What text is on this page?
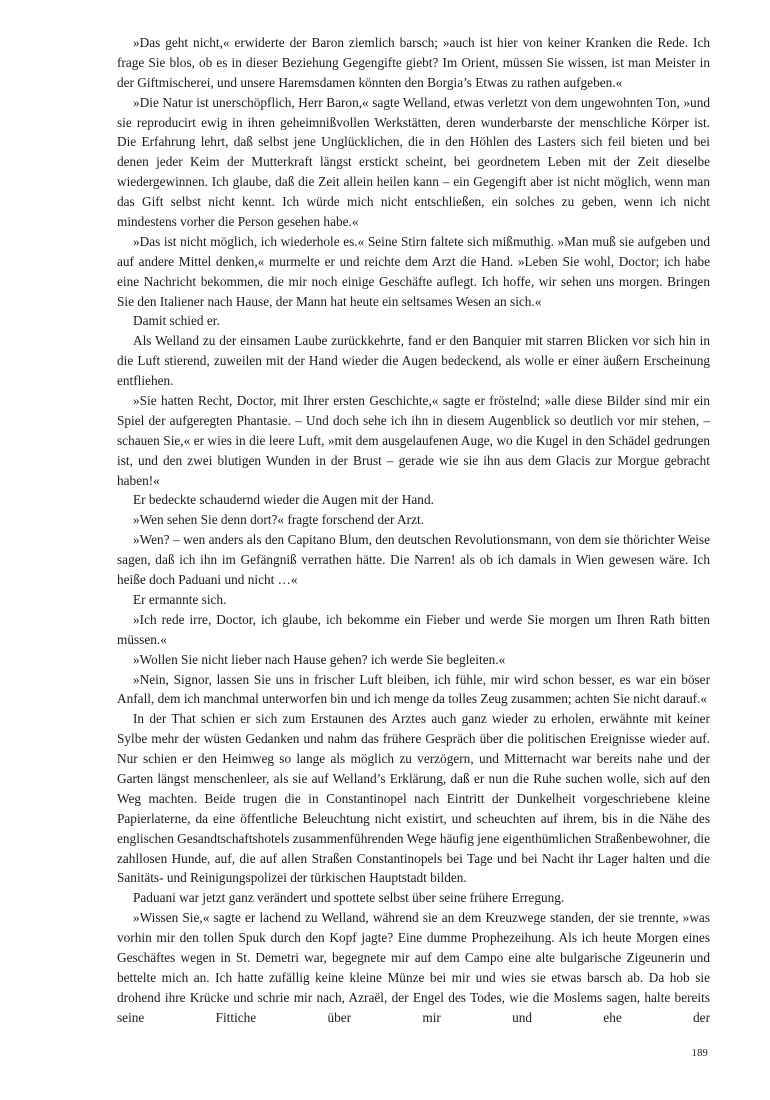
»Das geht nicht,« erwiderte der Baron ziemlich barsch; »auch ist hier von keiner Kranken die Rede. Ich frage Sie blos, ob es in dieser Beziehung Gegengifte giebt? Im Orient, müssen Sie wissen, ist man Meister in der Giftmischerei, und unsere Haremsdamen könnten den Borgia’s Etwas zu rathen aufgeben.«

»Die Natur ist unerschöpflich, Herr Baron,« sagte Welland, etwas verletzt von dem ungewohnten Ton, »und sie reproducirt ewig in ihren geheimnißvollen Werkstätten, deren wunderbarste der menschliche Körper ist. Die Erfahrung lehrt, daß selbst jene Unglücklichen, die in den Höhlen des Lasters sich feil bieten und bei denen jeder Keim der Mutterkraft längst erstickt scheint, bei geordnetem Leben mit der Zeit dieselbe wiedergewinnen. Ich glaube, daß die Zeit allein heilen kann – ein Gegengift aber ist nicht möglich, wenn man das Gift selbst nicht kennt. Ich würde mich nicht entschließen, ein solches zu geben, wenn ich nicht mindestens vorher die Person gesehen habe.«

»Das ist nicht möglich, ich wiederhole es.« Seine Stirn faltete sich mißmuthig. »Man muß sie aufgeben und auf andere Mittel denken,« murmelte er und reichte dem Arzt die Hand. »Leben Sie wohl, Doctor; ich habe eine Nachricht bekommen, die mir noch einige Geschäfte auflegt. Ich hoffe, wir sehen uns morgen. Bringen Sie den Italiener nach Hause, der Mann hat heute ein seltsames Wesen an sich.«

Damit schied er.

Als Welland zu der einsamen Laube zurückkehrte, fand er den Banquier mit starren Blicken vor sich hin in die Luft stierend, zuweilen mit der Hand wieder die Augen bedeckend, als wolle er einer äußern Erscheinung entfliehen.

»Sie hatten Recht, Doctor, mit Ihrer ersten Geschichte,« sagte er fröstelnd; »alle diese Bilder sind mir ein Spiel der aufgeregten Phantasie. – Und doch sehe ich ihn in diesem Augenblick so deutlich vor mir stehen, – schauen Sie,« er wies in die leere Luft, »mit dem ausgelaufenen Auge, wo die Kugel in den Schädel gedrungen ist, und den zwei blutigen Wunden in der Brust – gerade wie sie ihn aus dem Glacis zur Morgue gebracht haben!«

Er bedeckte schaudernd wieder die Augen mit der Hand.

»Wen sehen Sie denn dort?« fragte forschend der Arzt.

»Wen? – wen anders als den Capitano Blum, den deutschen Revolutionsmann, von dem sie thörichter Weise sagen, daß ich ihn im Gefängniß verrathen hätte. Die Narren! als ob ich damals in Wien gewesen wäre. Ich heiße doch Paduani und nicht …«

Er ermannte sich.

»Ich rede irre, Doctor, ich glaube, ich bekomme ein Fieber und werde Sie morgen um Ihren Rath bitten müssen.«

»Wollen Sie nicht lieber nach Hause gehen? ich werde Sie begleiten.«

»Nein, Signor, lassen Sie uns in frischer Luft bleiben, ich fühle, mir wird schon besser, es war ein böser Anfall, dem ich manchmal unterworfen bin und ich menge da tolles Zeug zusammen; achten Sie nicht darauf.«

In der That schien er sich zum Erstaunen des Arztes auch ganz wieder zu erholen, erwähnte mit keiner Sylbe mehr der wüsten Gedanken und nahm das frühere Gespräch über die politischen Ereignisse wieder auf. Nur schien er den Heimweg so lange als möglich zu verzögern, und Mitternacht war bereits nahe und der Garten längst menschenleer, als sie auf Welland’s Erklärung, daß er nun die Ruhe suchen wolle, sich auf den Weg machten. Beide trugen die in Constantinopel nach Eintritt der Dunkelheit vorgeschriebene kleine Papierlaterne, da eine öffentliche Beleuchtung nicht existirt, und scheuchten auf ihrem, bis in die Nähe des englischen Gesandtschaftshotels zusammenführenden Wege häufig jene eigenthümlichen Straßenbewohner, die zahllosen Hunde, auf, die auf allen Straßen Constantinopels bei Tage und bei Nacht ihr Lager halten und die Sanitäts- und Reinigungspolizei der türkischen Hauptstadt bilden.

Paduani war jetzt ganz verändert und spottete selbst über seine frühere Erregung.

»Wissen Sie,« sagte er lachend zu Welland, während sie an dem Kreuzwege standen, der sie trennte, »was vorhin mir den tollen Spuk durch den Kopf jagte? Eine dumme Prophezeihung. Als ich heute Morgen eines Geschäftes wegen in St. Demetri war, begegnete mir auf dem Campo eine alte bulgarische Zigeunerin und bettelte mich an. Ich hatte zufällig keine kleine Münze bei mir und wies sie etwas barsch ab. Da hob sie drohend ihre Krücke und schrie mir nach, Azraël, der Engel des Todes, wie die Moslems sagen, halte bereits seine Fittiche über mir und ehe der

189
